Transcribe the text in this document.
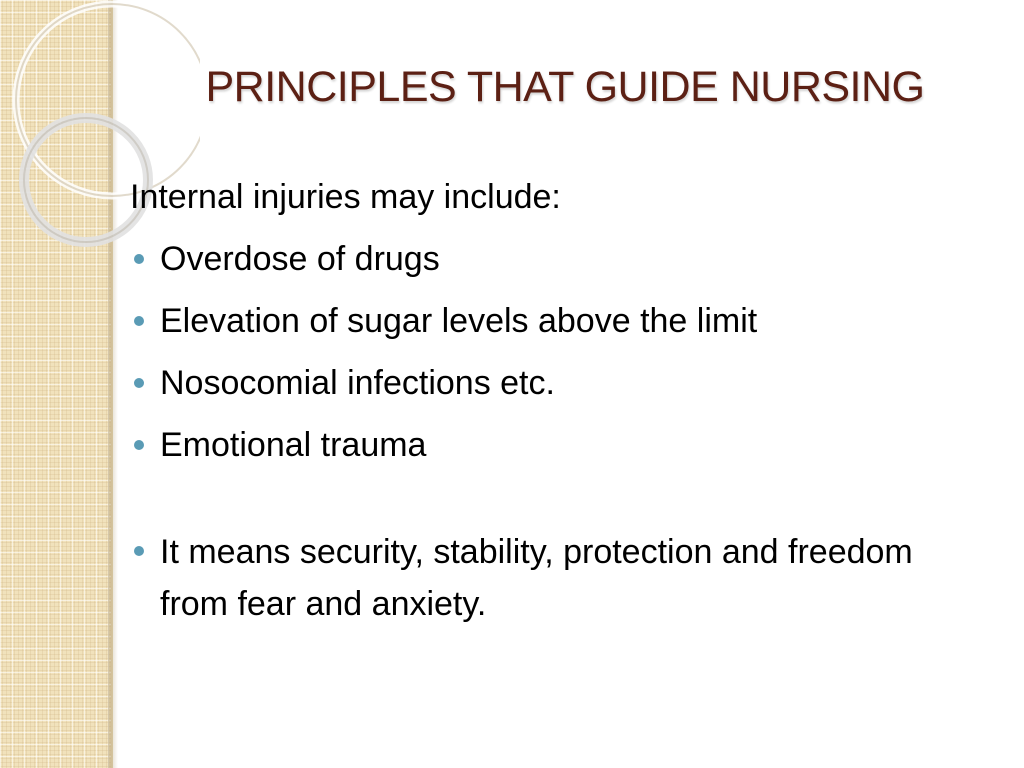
PRINCIPLES THAT GUIDE NURSING

Internal injuries may include:

Overdose of drugs
Elevation of sugar levels above the limit
Nosocomial infections etc.
Emotional trauma
It means security, stability, protection and freedom from fear and anxiety.
